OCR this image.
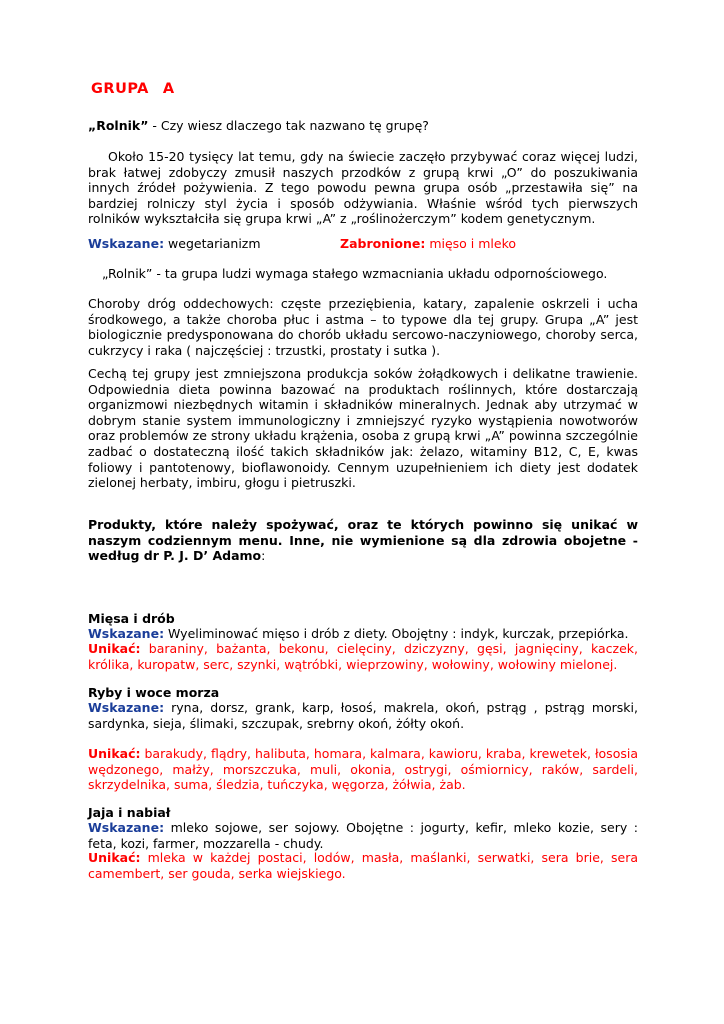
GRUPA A

„Rolnik” - Czy wiesz dlaczego tak nazwano tę grupę?

Około 15-20 tysięcy lat temu, gdy na świecie zaczęło przybywać coraz więcej ludzi, brak łatwej zdobyczy zmusił naszych przodków z grupą krwi „O” do poszukiwania innych źródeł pożywienia. Z tego powodu pewna grupa osób „przestawiła się” na bardziej rolniczy styl życia i sposób odżywiania. Właśnie wśród tych pierwszych rolników wykształciła się grupa krwi „A” z „roślinożerczym” kodem genetycznym.

Wskazane: wegetarianizm	Zabronione: mięso i mleko

„Rolnik” - ta grupa ludzi wymaga stałego wzmacniania układu odpornościowego.

Choroby dróg oddechowych: częste przeziębienia, katary, zapalenie oskrzeli i ucha środkowego, a także choroba płuc i astma – to typowe dla tej grupy. Grupa „A” jest biologicznie predysponowana do chorób układu sercowo-naczyniowego, choroby serca, cukrzycy i raka ( najczęściej : trzustki, prostaty i sutka ).

Cechą tej grupy jest zmniejszona produkcja soków żołądkowych i delikatne trawienie. Odpowiednia dieta powinna bazować na produktach roślinnych, które dostarczają organizmowi niezbędnych witamin i składników mineralnych. Jednak aby utrzymać w dobrym stanie system immunologiczny i zmniejszyć ryzyko wystąpienia nowotworów oraz problemów ze strony układu krążenia, osoba z grupą krwi „A” powinna szczególnie zadbać o dostateczną ilość takich składników jak: żelazo, witaminy B12, C, E, kwas foliowy i pantotenowy, bioflawonoidy. Cennym uzupełnieniem ich diety jest dodatek zielonej herbaty, imbiru, głogu i pietruszki.

Produkty, które należy spożywać, oraz te których powinno się unikać w naszym codziennym menu. Inne, nie wymienione są dla zdrowia obojetne - według dr P. J. D’ Adamo:

Mięsa i drób

Wskazane: Wyeliminować mięso i drób z diety. Obojętny : indyk, kurczak, przepiórka.

Unikać: baraniny, bażanta, bekonu, cielęciny, dziczyzny, gęsi, jagnięciny, kaczek, królika, kuropatw, serc, szynki, wątróbki, wieprzowiny, wołowiny, wołowiny mielonej.

Ryby i woce morza

Wskazane: ryna, dorsz, grank, karp, łosoś, makrela, okoń, pstrąg , pstrąg morski, sardynka, sieja, ślimaki, szczupak, srebrny okoń, żółty okoń.

Unikać: barakudy, flądry, halibuta, homara, kalmara, kawioru, kraba, krewetek, łososia wędzonego, małży, morszczuka, muli, okonia, ostrygi, ośmiornicy, raków, sardeli, skrzydelnika, suma, śledzia, tuńczyka, węgorza, żółwia, żab.

Jaja i nabiał

Wskazane: mleko sojowe, ser sojowy. Obojętne : jogurty, kefir, mleko kozie, sery : feta, kozi, farmer, mozzarella - chudy.

Unikać: mleka w każdej postaci, lodów, masła, maślanki, serwatki, sera brie, sera camembert, ser gouda, serka wiejskiego.
